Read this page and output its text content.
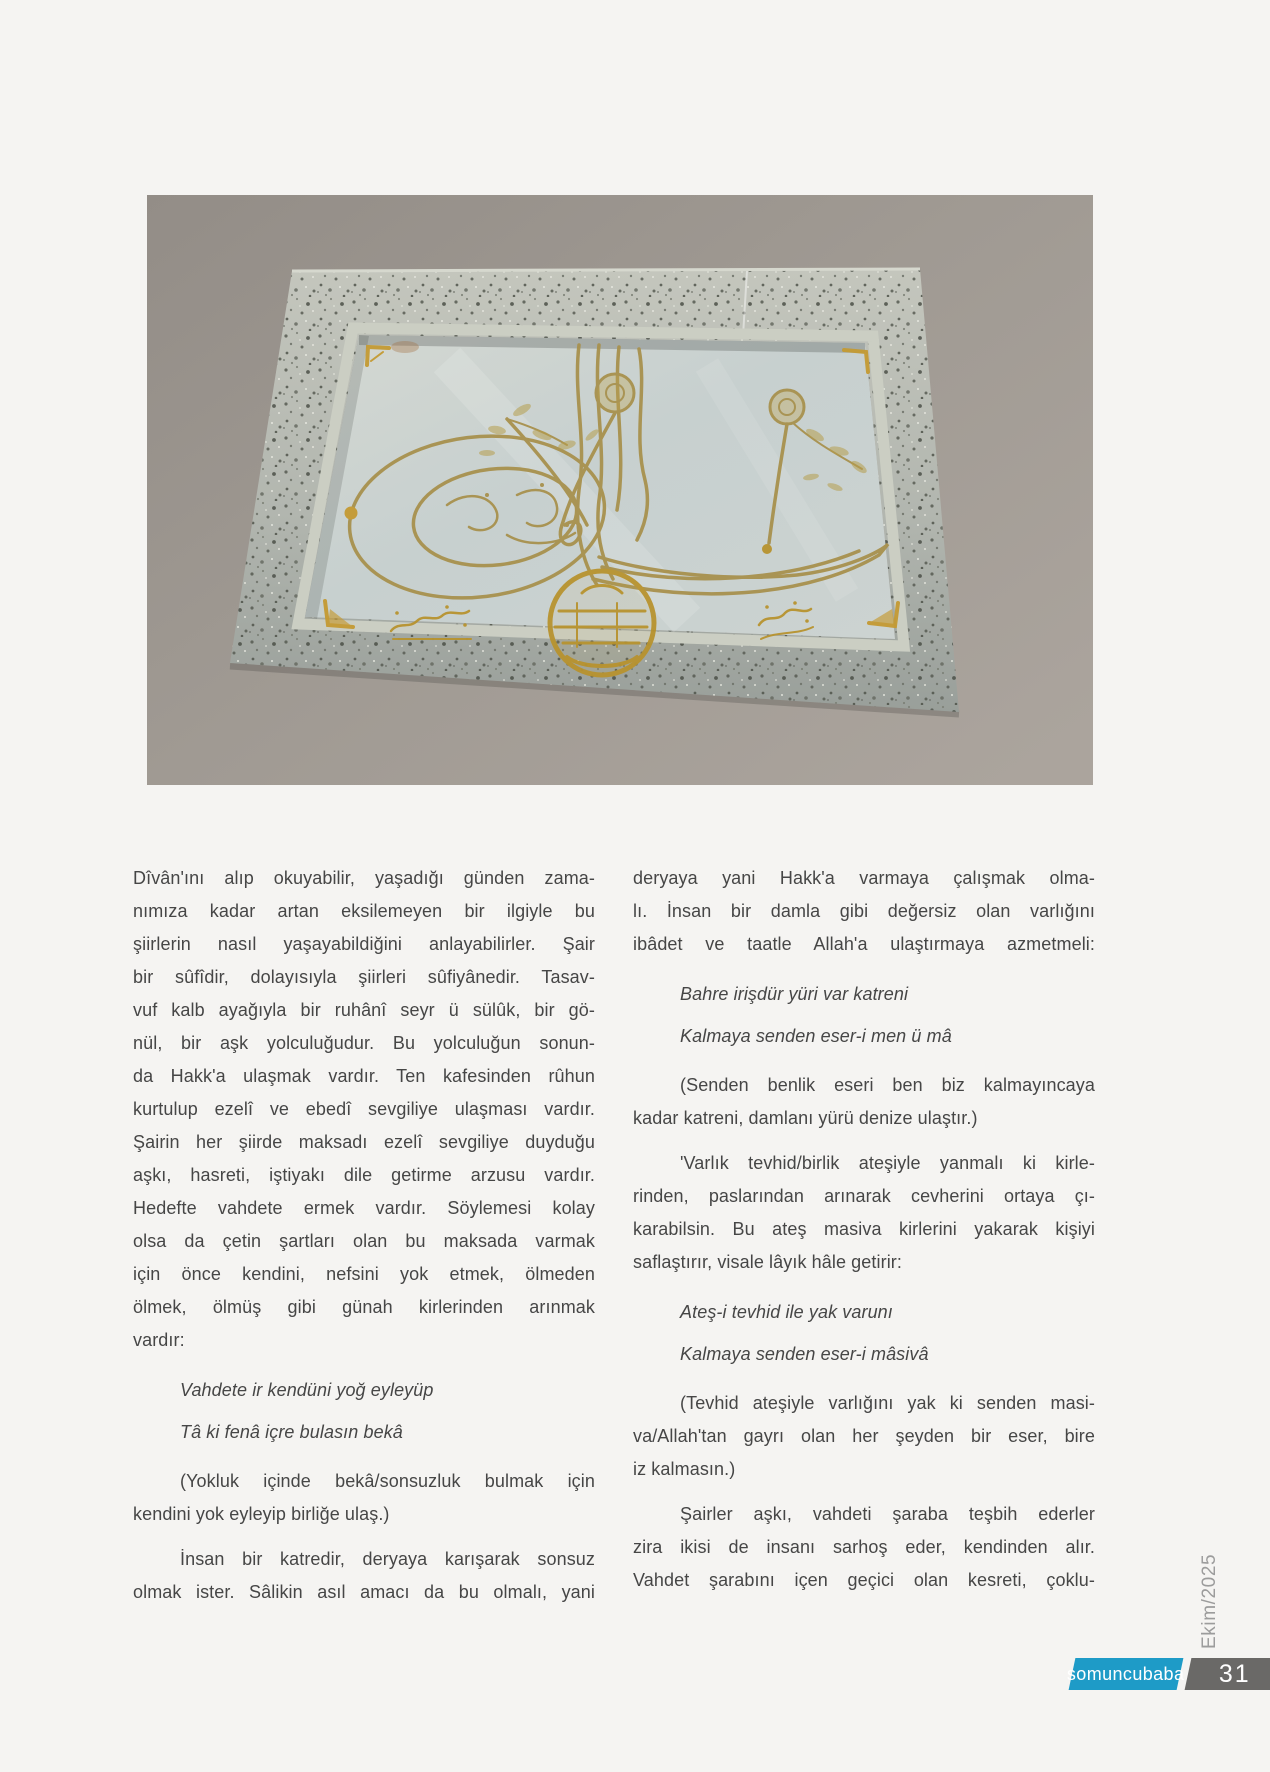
Dîvân'ını alıp okuyabilir, yaşadığı günden zama-
nımıza kadar artan eksilemeyen bir ilgiyle bu
şiirlerin nasıl yaşayabildiğini anlayabilirler. Şair
bir sûfîdir, dolayısıyla şiirleri sûfiyânedir. Tasav-
vuf kalb ayağıyla bir ruhânî seyr ü sülûk, bir gö-
nül, bir aşk yolculuğudur. Bu yolculuğun sonun-
da Hakk'a ulaşmak vardır. Ten kafesinden rûhun
kurtulup ezelî ve ebedî sevgiliye ulaşması vardır.
Şairin her şiirde maksadı ezelî sevgiliye duyduğu
aşkı, hasreti, iştiyakı dile getirme arzusu vardır.
Hedefte vahdete ermek vardır. Söylemesi kolay
olsa da çetin şartları olan bu maksada varmak
için önce kendini, nefsini yok etmek, ölmeden
ölmek, ölmüş gibi günah kirlerinden arınmak
vardır:
Vahdete ir kendüni yoğ eyleyüp
Tâ ki fenâ içre bulasın bekâ
(Yokluk içinde bekâ/sonsuzluk bulmak için
kendini yok eyleyip birliğe ulaş.)
İnsan bir katredir, deryaya karışarak sonsuz
olmak ister. Sâlikin asıl amacı da bu olmalı, yani
deryaya yani Hakk'a varmaya çalışmak olma-
lı. İnsan bir damla gibi değersiz olan varlığını
ibâdet ve taatle Allah'a ulaştırmaya azmetmeli:
Bahre irişdür yüri var katreni
Kalmaya senden eser-i men ü mâ
(Senden benlik eseri ben biz kalmayıncaya
kadar katreni, damlanı yürü denize ulaştır.)
'Varlık tevhid/birlik ateşiyle yanmalı ki kirle-
rinden, paslarından arınarak cevherini ortaya çı-
karabilsin. Bu ateş masiva kirlerini yakarak kişiyi
saflaştırır, visale lâyık hâle getirir:
Ateş-i tevhid ile yak varunı
Kalmaya senden eser-i mâsivâ
(Tevhid ateşiyle varlığını yak ki senden masi-
va/Allah'tan gayrı olan her şeyden bir eser, bire
iz kalmasın.)
Şairler aşkı, vahdeti şaraba teşbih ederler
zira ikisi de insanı sarhoş eder, kendinden alır.
Vahdet şarabını içen geçici olan kesreti, çoklu-	Ekim/2025
somuncubaba 31
